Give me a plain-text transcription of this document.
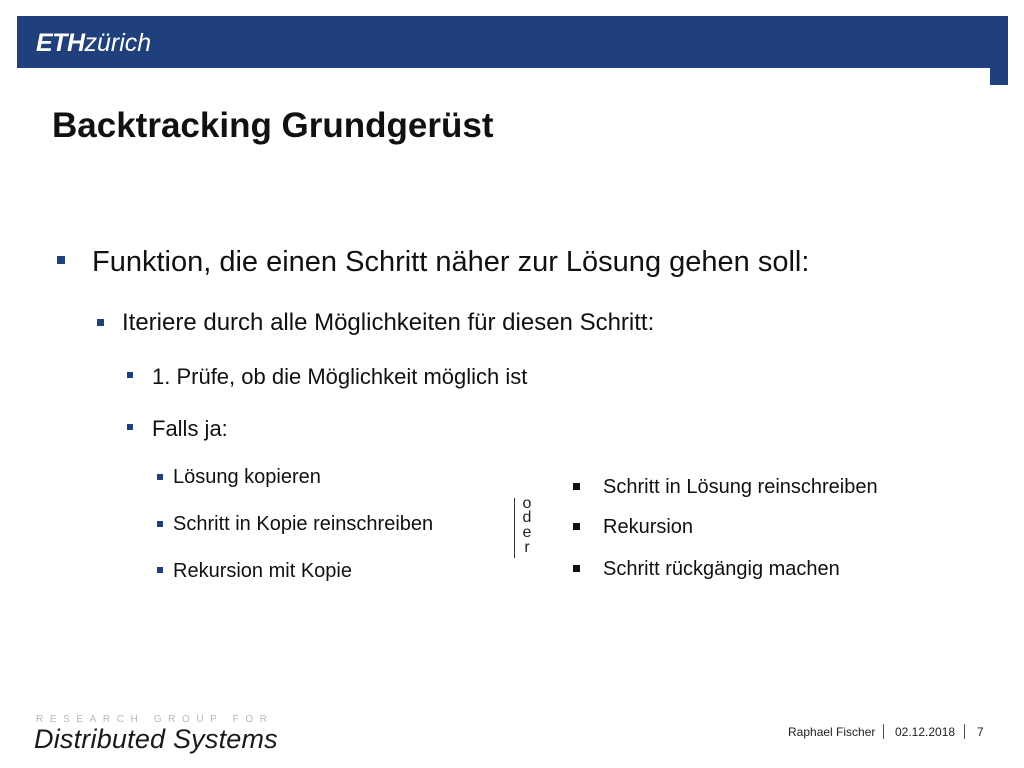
ETHzürich
Backtracking Grundgerüst
Funktion, die einen Schritt näher zur Lösung gehen soll:
Iteriere durch alle Möglichkeiten für diesen Schritt:
1. Prüfe, ob die Möglichkeit möglich ist
Falls ja:
Lösung kopieren
Schritt in Kopie reinschreiben
Rekursion mit Kopie
o
d
e
r
Schritt in Lösung reinschreiben
Rekursion
Schritt rückgängig machen
RESEARCH GROUP FOR
Distributed Systems	Raphael Fischer 02.12.2018 7
